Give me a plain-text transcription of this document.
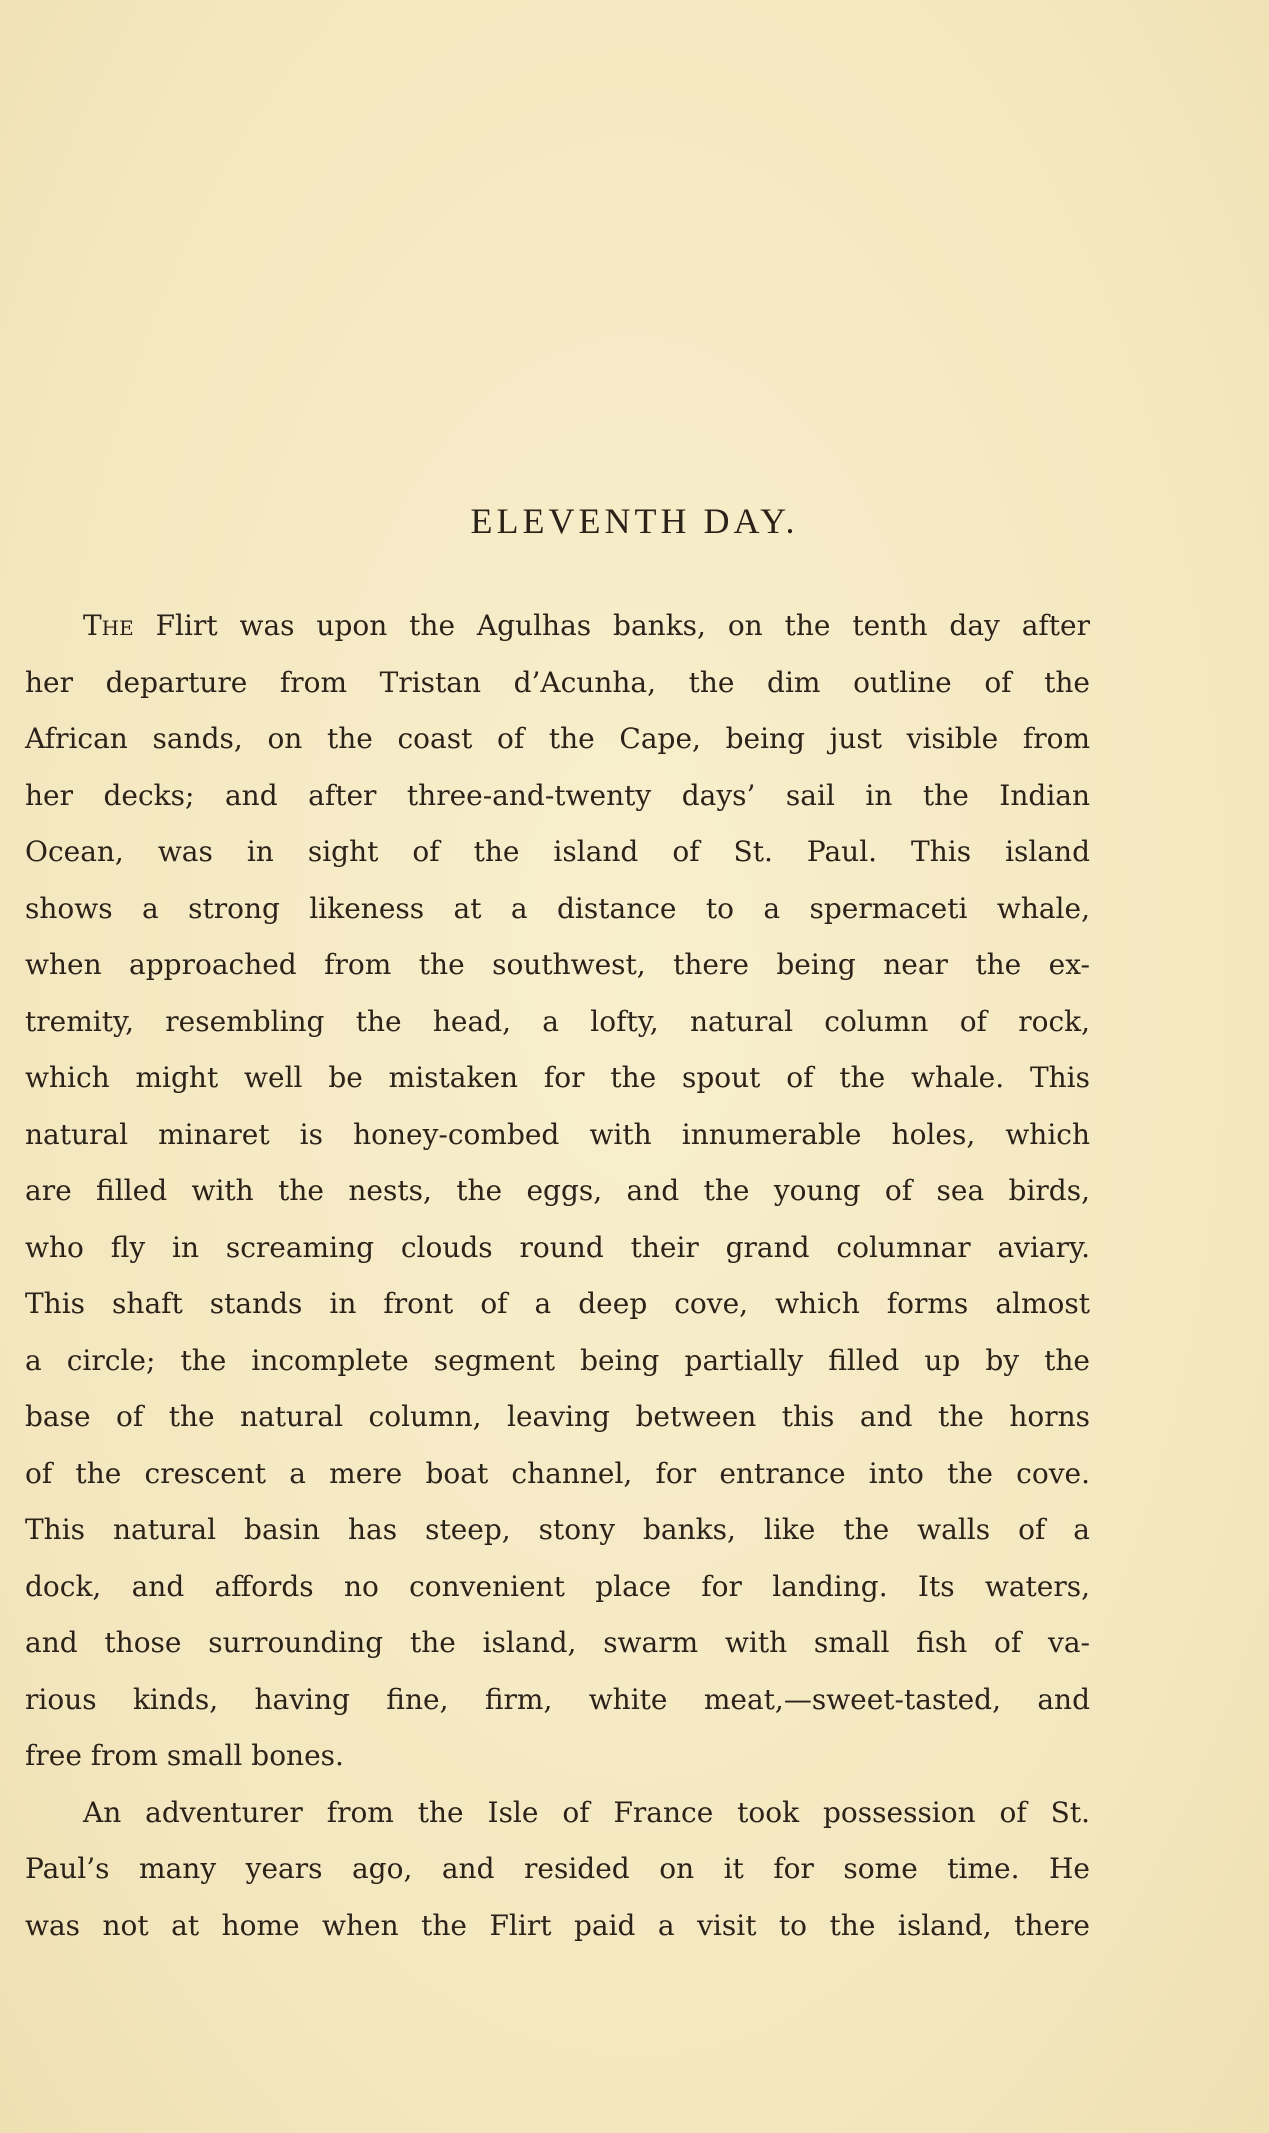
ELEVENTH DAY.
The Flirt was upon the Agulhas banks, on the tenth day after
her departure from Tristan d’Acunha, the dim outline of the
African sands, on the coast of the Cape, being just visible from
her decks; and after three-and-twenty days’ sail in the Indian
Ocean, was in sight of the island of St. Paul. This island
shows a strong likeness at a distance to a spermaceti whale,
when approached from the southwest, there being near the ex-
tremity, resembling the head, a lofty, natural column of rock,
which might well be mistaken for the spout of the whale. This
natural minaret is honey-combed with innumerable holes, which
are filled with the nests, the eggs, and the young of sea birds,
who fly in screaming clouds round their grand columnar aviary.
This shaft stands in front of a deep cove, which forms almost
a circle; the incomplete segment being partially filled up by the
base of the natural column, leaving between this and the horns
of the crescent a mere boat channel, for entrance into the cove.
This natural basin has steep, stony banks, like the walls of a
dock, and affords no convenient place for landing. Its waters,
and those surrounding the island, swarm with small fish of va-
rious kinds, having fine, firm, white meat,—sweet-tasted, and
free from small bones.
An adventurer from the Isle of France took possession of St.
Paul’s many years ago, and resided on it for some time. He
was not at home when the Flirt paid a visit to the island, there
